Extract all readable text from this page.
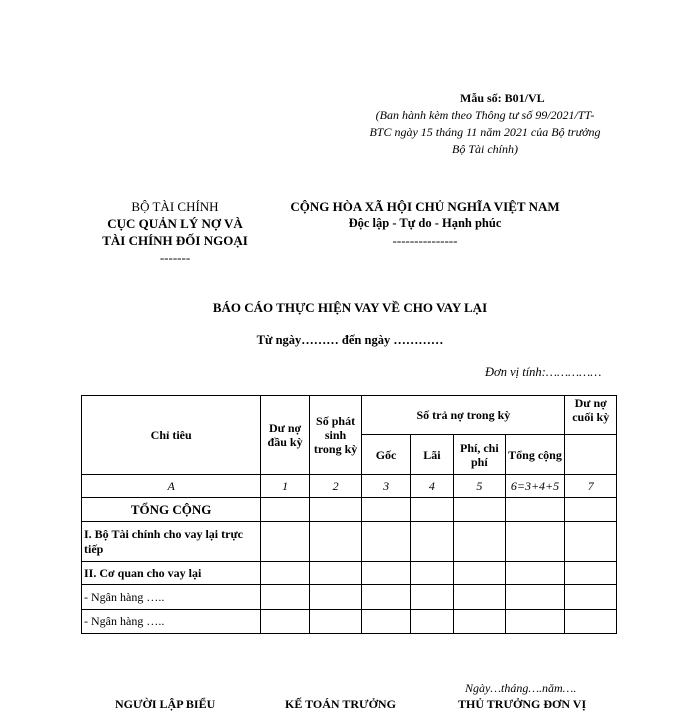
Mẫu số: B01/VL
(Ban hành kèm theo Thông tư số 99/2021/TT-
BTC ngày 15 tháng 11 năm 2021 của Bộ trưởng
Bộ Tài chính)
BỘ TÀI CHÍNH
CỤC QUẢN LÝ NỢ VÀ
TÀI CHÍNH ĐỐI NGOẠI
-------
CỘNG HÒA XÃ HỘI CHỦ NGHĨA VIỆT NAM
Độc lập - Tự do - Hạnh phúc
---------------
BÁO CÁO THỰC HIỆN VAY VỀ CHO VAY LẠI
Từ ngày……… đến ngày …………
Đơn vị tính:……………
Chỉ tiêu	Dư nợ đầu kỳ	Số phát sinh trong kỳ	Số trả nợ trong kỳ				Dư nợ cuối kỳ
			Gốc	Lãi	Phí, chi phí	Tổng cộng	
A	1	2	3	4	5	6=3+4+5	7
TỔNG CỘNG							
I. Bộ Tài chính cho vay lại trực tiếp							
II. Cơ quan cho vay lại							
- Ngân hàng …..							
- Ngân hàng …..							
Ngày…tháng….năm….
NGƯỜI LẬP BIỂU	KẾ TOÁN TRƯỞNG	THỦ TRƯỞNG ĐƠN VỊ
